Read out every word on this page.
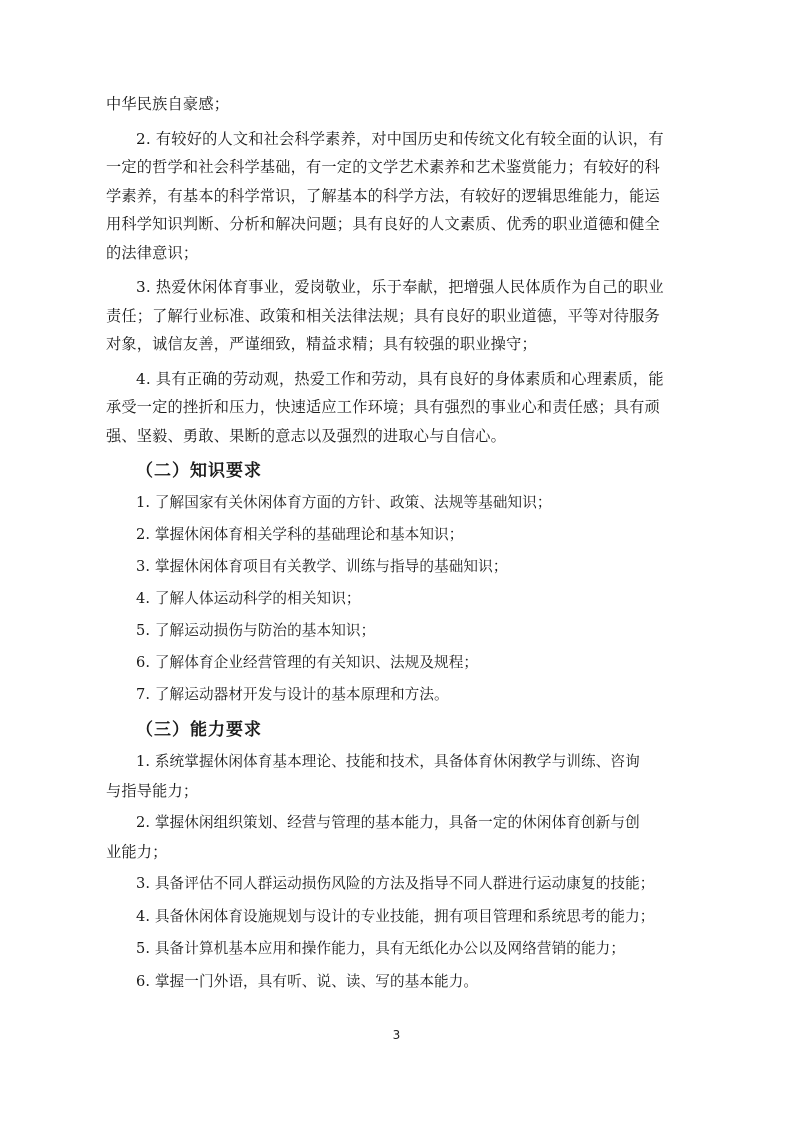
中华民族自豪感；

2. 有较好的人文和社会科学素养，对中国历史和传统文化有较全面的认识，有

一定的哲学和社会科学基础，有一定的文学艺术素养和艺术鉴赏能力；有较好的科

学素养，有基本的科学常识，了解基本的科学方法，有较好的逻辑思维能力，能运

用科学知识判断、分析和解决问题；具有良好的人文素质、优秀的职业道德和健全

的法律意识；

3. 热爱休闲体育事业，爱岗敬业，乐于奉献，把增强人民体质作为自己的职业

责任；了解行业标准、政策和相关法律法规；具有良好的职业道德，平等对待服务

对象，诚信友善，严谨细致，精益求精；具有较强的职业操守；

4. 具有正确的劳动观，热爱工作和劳动，具有良好的身体素质和心理素质，能

承受一定的挫折和压力，快速适应工作环境；具有强烈的事业心和责任感；具有顽

强、坚毅、勇敢、果断的意志以及强烈的进取心与自信心。

（二）知识要求

1. 了解国家有关休闲体育方面的方针、政策、法规等基础知识；

2. 掌握休闲体育相关学科的基础理论和基本知识；

3. 掌握休闲体育项目有关教学、训练与指导的基础知识；

4. 了解人体运动科学的相关知识；

5. 了解运动损伤与防治的基本知识；

6. 了解体育企业经营管理的有关知识、法规及规程；

7. 了解运动器材开发与设计的基本原理和方法。

（三）能力要求

1. 系统掌握休闲体育基本理论、技能和技术，具备体育休闲教学与训练、咨询

与指导能力；

2. 掌握休闲组织策划、经营与管理的基本能力，具备一定的休闲体育创新与创

业能力；

3. 具备评估不同人群运动损伤风险的方法及指导不同人群进行运动康复的技能；

4. 具备休闲体育设施规划与设计的专业技能，拥有项目管理和系统思考的能力；

5. 具备计算机基本应用和操作能力，具有无纸化办公以及网络营销的能力；

6. 掌握一门外语，具有听、说、读、写的基本能力。

3
